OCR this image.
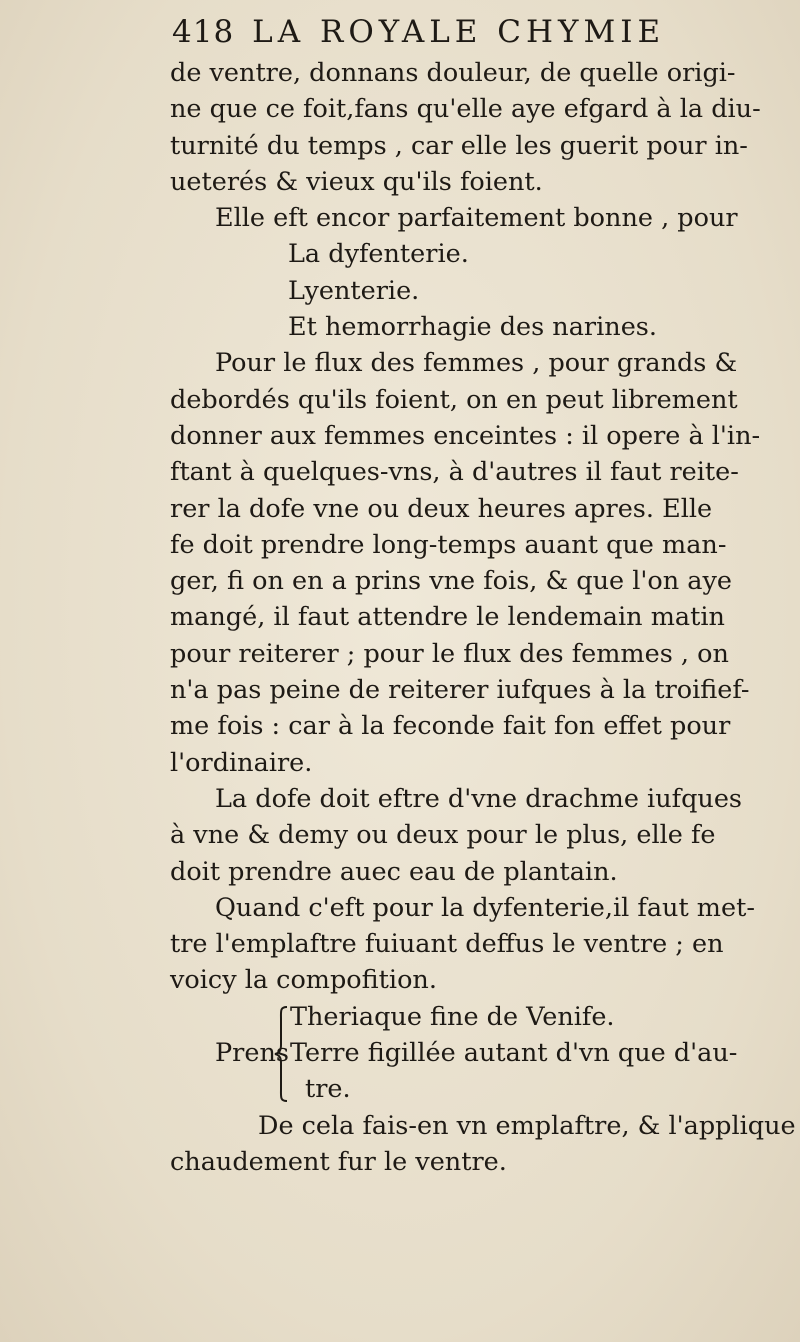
418 LA ROYALE CHYMIE
de ventre, donnans douleur, de quelle origi-
ne que ce foit,fans qu'elle aye efgard à la diu-
turnité du temps , car elle les guerit pour in-
ueterés & vieux qu'ils foient.
Elle eft encor parfaitement bonne , pour
La dyfenterie.
Lyenterie.
Et hemorrhagie des narines.
Pour le flux des femmes , pour grands &
debordés qu'ils foient, on en peut librement
donner aux femmes enceintes : il opere à l'in-
ftant à quelques-vns, à d'autres il faut reite-
rer la dofe vne ou deux heures apres. Elle
fe doit prendre long-temps auant que man-
ger, fi on en a prins vne fois, & que l'on aye
mangé, il faut attendre le lendemain matin
pour reiterer ; pour le flux des femmes , on
n'a pas peine de reiterer iufques à la troifief-
me fois : car à la feconde fait fon effet pour
l'ordinaire.
La dofe doit eftre d'vne drachme iufques
à vne & demy ou deux pour le plus, elle fe
doit prendre auec eau de plantain.
Quand c'eft pour la dyfenterie,il faut met-
tre l'emplaftre fuiuant deffus le ventre ; en
voicy la compofition.
Prens
Theriaque fine de Venife.
Terre figillée autant d'vn que d'au-
tre.
De cela fais-en vn emplaftre, & l'applique
chaudement fur le ventre.
